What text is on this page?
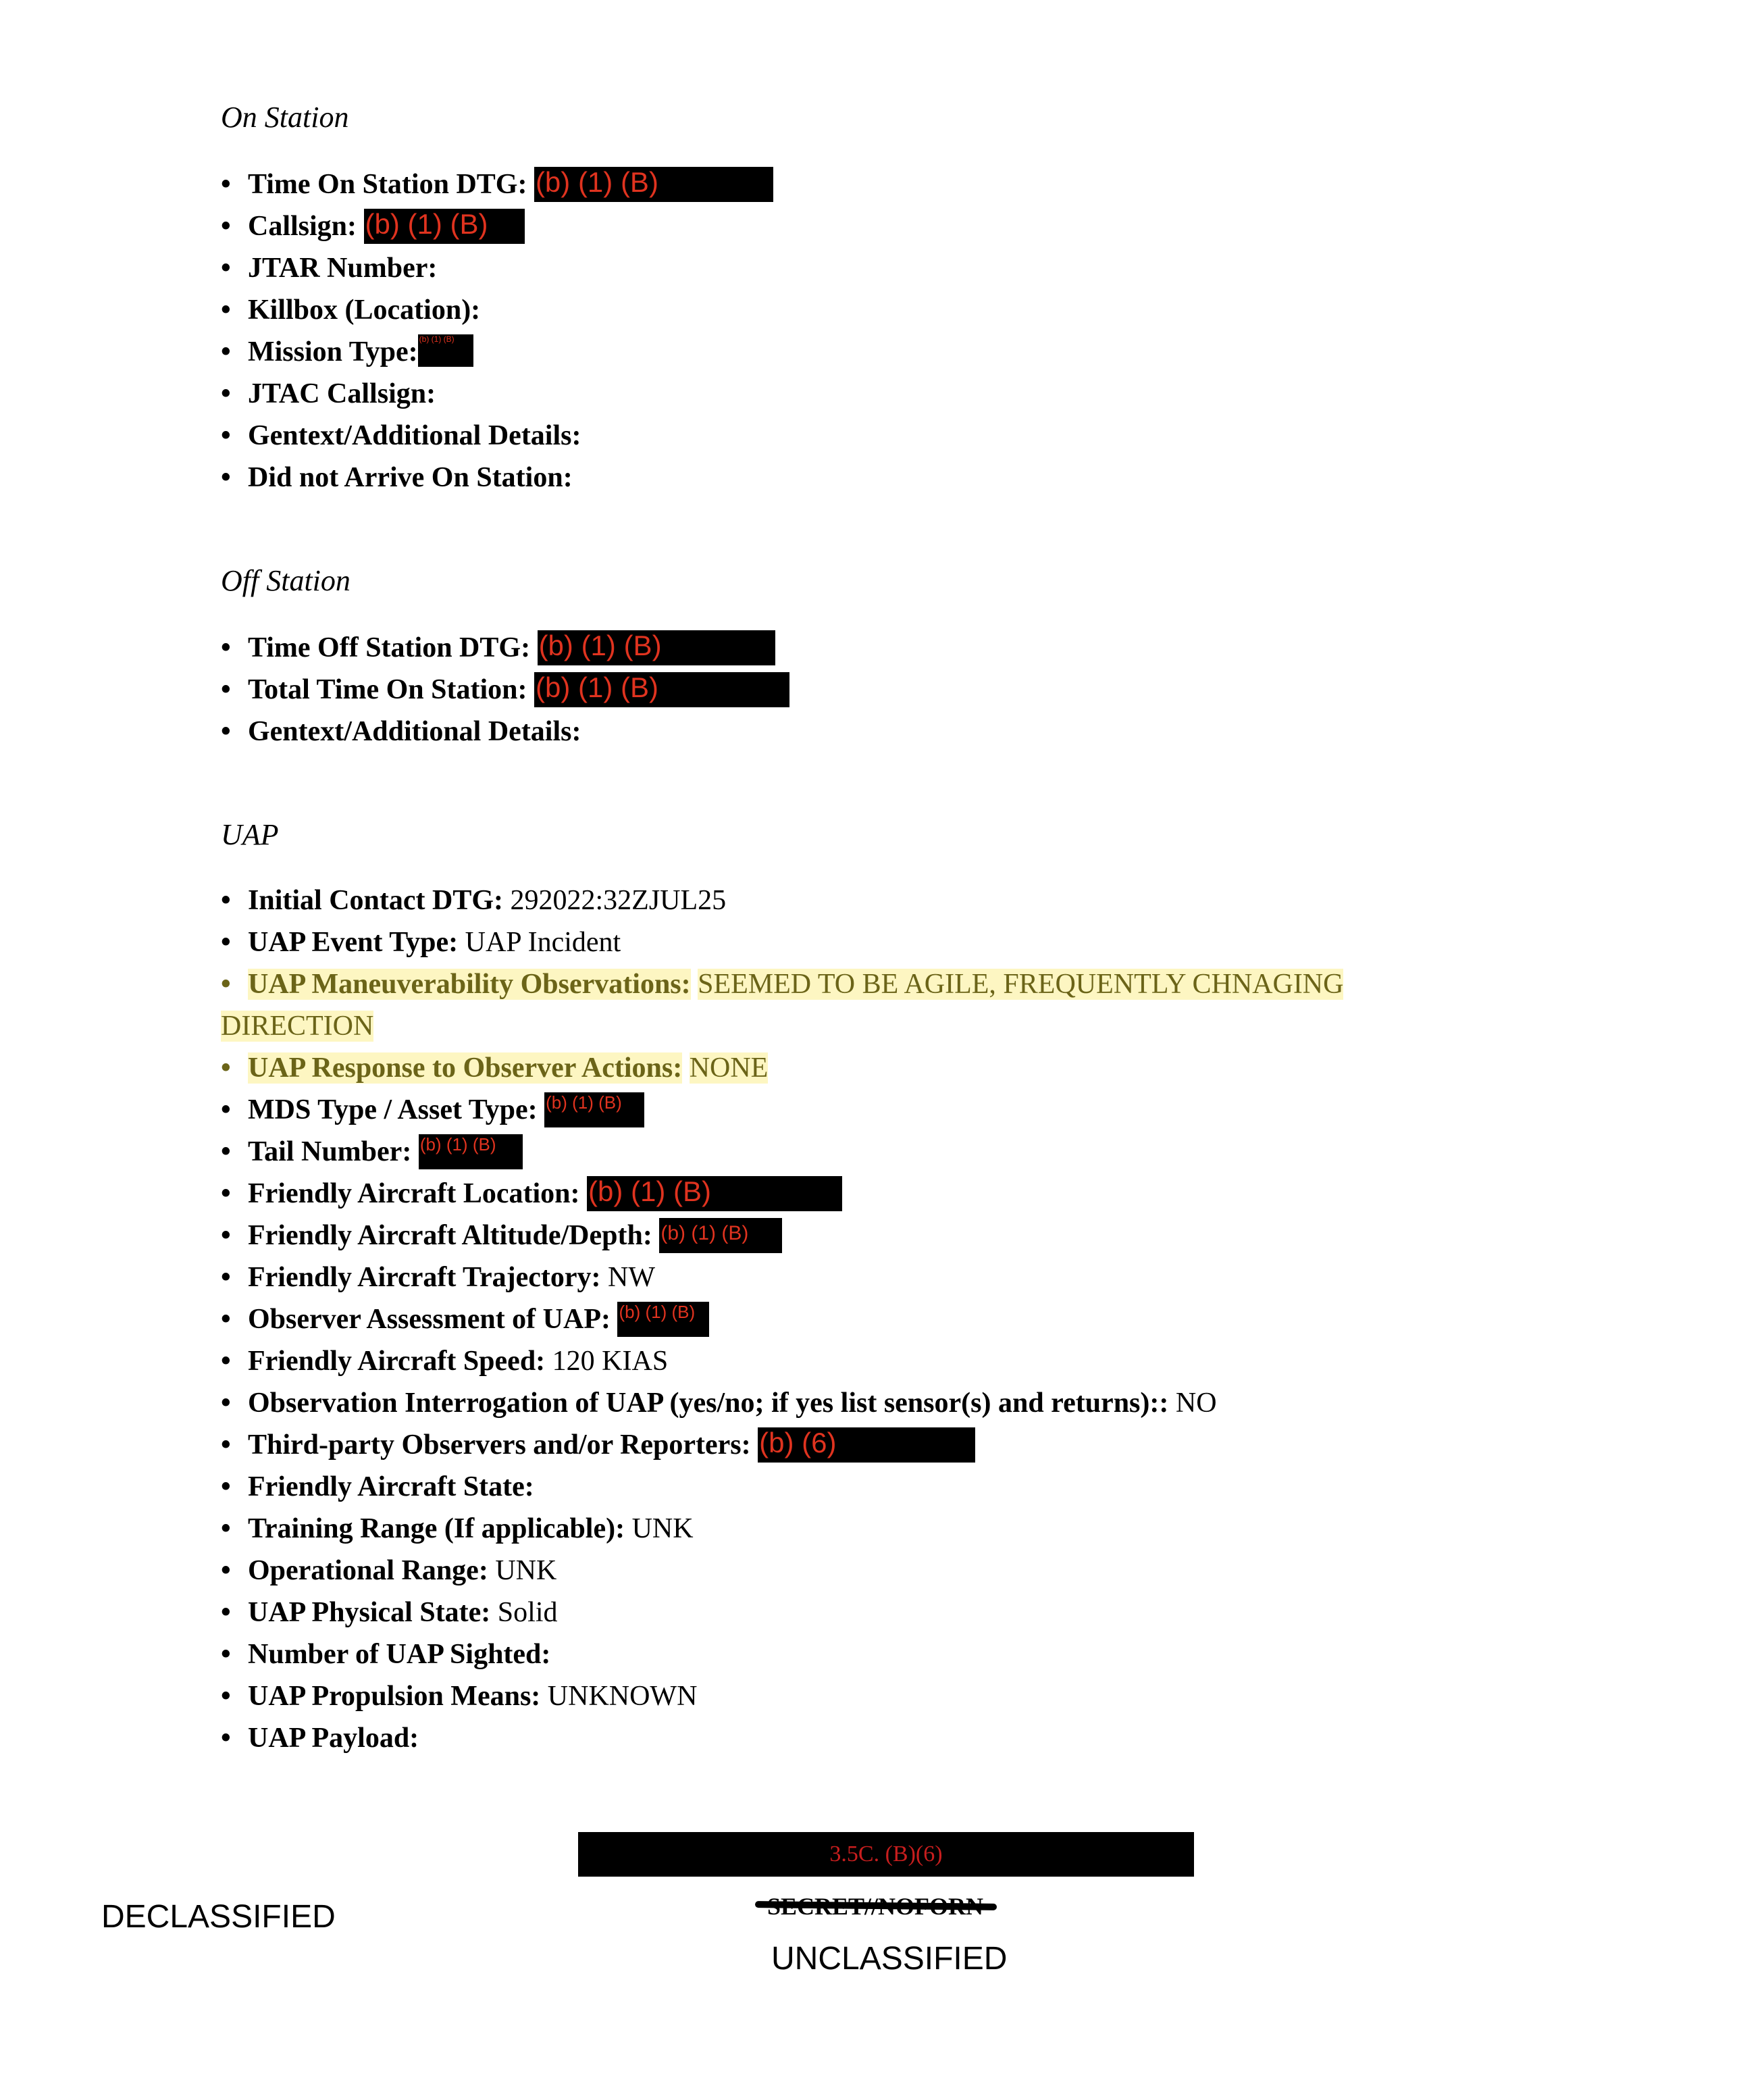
On Station
• Time On Station DTG: (b) (1) (B)
• Callsign: (b) (1) (B)
• JTAR Number:
• Killbox (Location):
• Mission Type: (b) (1) (B)
• JTAC Callsign:
• Gentext/Additional Details:
• Did not Arrive On Station:
Off Station
• Time Off Station DTG: (b) (1) (B)
• Total Time On Station: (b) (1) (B)
• Gentext/Additional Details:
UAP
• Initial Contact DTG: 292022:32ZJUL25
• UAP Event Type: UAP Incident
• UAP Maneuverability Observations: SEEMED TO BE AGILE, FREQUENTLY CHNAGING
DIRECTION
• UAP Response to Observer Actions: NONE
• MDS Type / Asset Type: (b) (1) (B)
• Tail Number: (b) (1) (B)
• Friendly Aircraft Location: (b) (1) (B)
• Friendly Aircraft Altitude/Depth: (b) (1) (B)
• Friendly Aircraft Trajectory: NW
• Observer Assessment of UAP: (b) (1) (B)
• Friendly Aircraft Speed: 120 KIAS
• Observation Interrogation of UAP (yes/no; if yes list sensor(s) and returns):: NO
• Third-party Observers and/or Reporters: (b) (6)
• Friendly Aircraft State:
• Training Range (If applicable): UNK
• Operational Range: UNK
• UAP Physical State: Solid
• Number of UAP Sighted:
• UAP Propulsion Means: UNKNOWN
• UAP Payload:
3.5C. (B)(6)
DECLASSIFIED
UNCLASSIFIED
